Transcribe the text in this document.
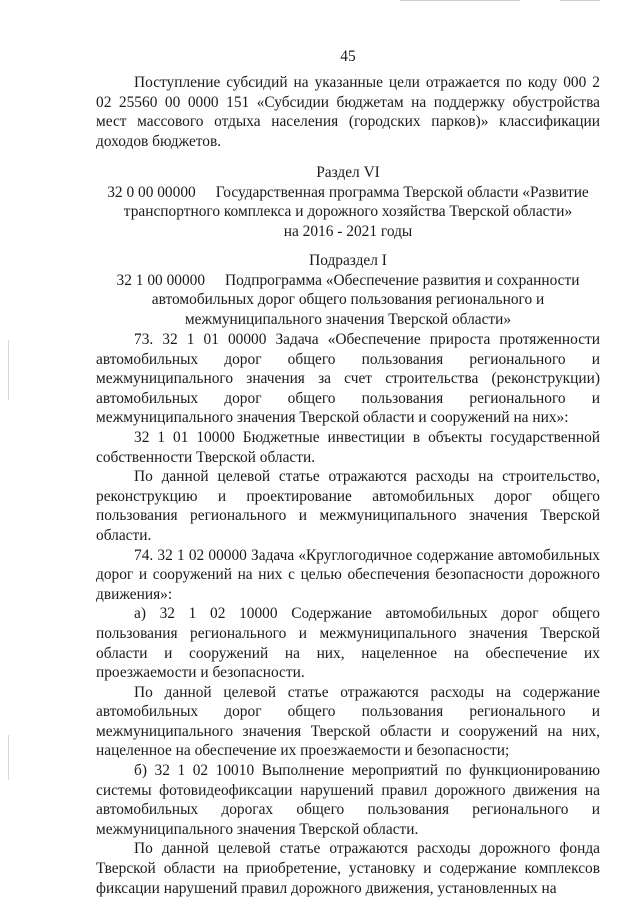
45

Поступление субсидий на указанные цели отражается по коду 000 2 02 25560 00 0000 151 «Субсидии бюджетам на поддержку обустройства мест массового отдыха населения (городских парков)» классификации доходов бюджетов.

Раздел VI

32 0 00 00000 Государственная программа Тверской области «Развитие

транспортного комплекса и дорожного хозяйства Тверской области»

на 2016 - 2021 годы

Подраздел I

32 1 00 00000 Подпрограмма «Обеспечение развития и сохранности

автомобильных дорог общего пользования регионального и

межмуниципального значения Тверской области»

73. 32 1 01 00000 Задача «Обеспечение прироста протяженности автомобильных дорог общего пользования регионального и межмуниципального значения за счет строительства (реконструкции) автомобильных дорог общего пользования регионального и межмуниципального значения Тверской области и сооружений на них»:

32 1 01 10000 Бюджетные инвестиции в объекты государственной собственности Тверской области.

По данной целевой статье отражаются расходы на строительство, реконструкцию и проектирование автомобильных дорог общего пользования регионального и межмуниципального значения Тверской области.

74. 32 1 02 00000 Задача «Круглогодичное содержание автомобильных дорог и сооружений на них с целью обеспечения безопасности дорожного движения»:

а) 32 1 02 10000 Содержание автомобильных дорог общего пользования регионального и межмуниципального значения Тверской области и сооружений на них, нацеленное на обеспечение их проезжаемости и безопасности.

По данной целевой статье отражаются расходы на содержание автомобильных дорог общего пользования регионального и межмуниципального значения Тверской области и сооружений на них, нацеленное на обеспечение их проезжаемости и безопасности;

б) 32 1 02 10010 Выполнение мероприятий по функционированию системы фотовидеофиксации нарушений правил дорожного движения на автомобильных дорогах общего пользования регионального и межмуниципального значения Тверской области.

По данной целевой статье отражаются расходы дорожного фонда Тверской области на приобретение, установку и содержание комплексов фиксации нарушений правил дорожного движения, установленных на
